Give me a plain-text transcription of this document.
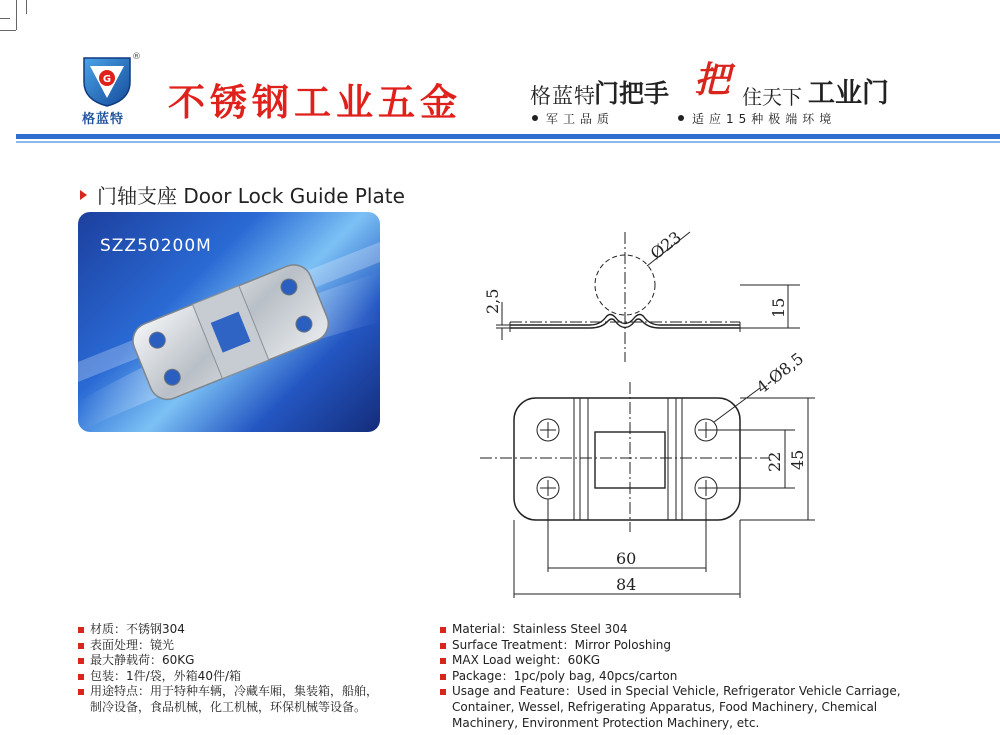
G
®
格蓝特 不锈钢工业五金	格蓝特
门把手 把 住天下 工业门
军工品质	适应15种极端环境
门轴支座 Door Lock Guide Plate
SZZ50200M
2,5	15
Ø23
4-Ø8,5
22 45
60
84
材质：不锈钢304
表面处理：镜光
最大静载荷：60KG
包装：1件/袋，外箱40件/箱
用途特点：用于特种车辆，冷藏车厢，集装箱，船舶，
制冷设备，食品机械，化工机械，环保机械等设备。
Material：Stainless Steel 304
Surface Treatment：Mirror Poloshing
MAX Load weight：60KG
Package：1pc/poly bag, 40pcs/carton
Usage and Feature：Used in Special Vehicle, Refrigerator Vehicle Carriage,
Container, Wessel, Refrigerating Apparatus, Food Machinery, Chemical
Machinery, Environment Protection Machinery, etc.
